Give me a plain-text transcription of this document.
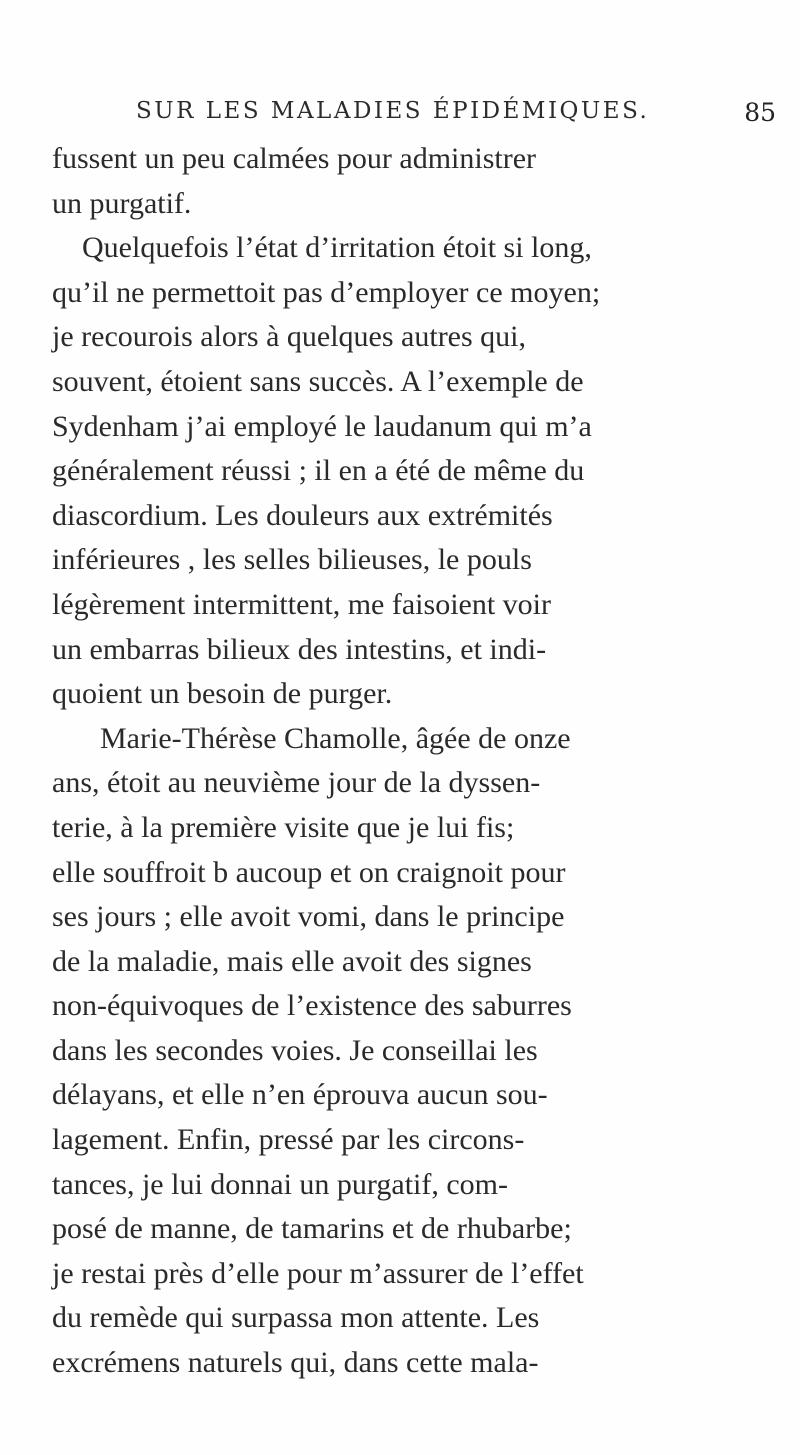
SUR LES MALADIES ÉPIDÉMIQUES.	85
fussent un peu calmées pour administrer
un purgatif.
Quelquefois l’état d’irritation étoit si long,
qu’il ne permettoit pas d’employer ce moyen;
je recourois alors à quelques autres qui,
souvent, étoient sans succès. A l’exemple de
Sydenham j’ai employé le laudanum qui m’a
généralement réussi ; il en a été de même du
diascordium. Les douleurs aux extrémités
inférieures , les selles bilieuses, le pouls
légèrement intermittent, me faisoient voir
un embarras bilieux des intestins, et indi-
quoient un besoin de purger.
Marie-Thérèse Chamolle, âgée de onze
ans, étoit au neuvième jour de la dyssen-
terie, à la première visite que je lui fis;
elle souffroit b aucoup et on craignoit pour
ses jours ; elle avoit vomi, dans le principe
de la maladie, mais elle avoit des signes
non-équivoques de l’existence des saburres
dans les secondes voies. Je conseillai les
délayans, et elle n’en éprouva aucun sou-
lagement. Enfin, pressé par les circons-
tances, je lui donnai un purgatif, com-
posé de manne, de tamarins et de rhubarbe;
je restai près d’elle pour m’assurer de l’effet
du remède qui surpassa mon attente. Les
excrémens naturels qui, dans cette mala-
